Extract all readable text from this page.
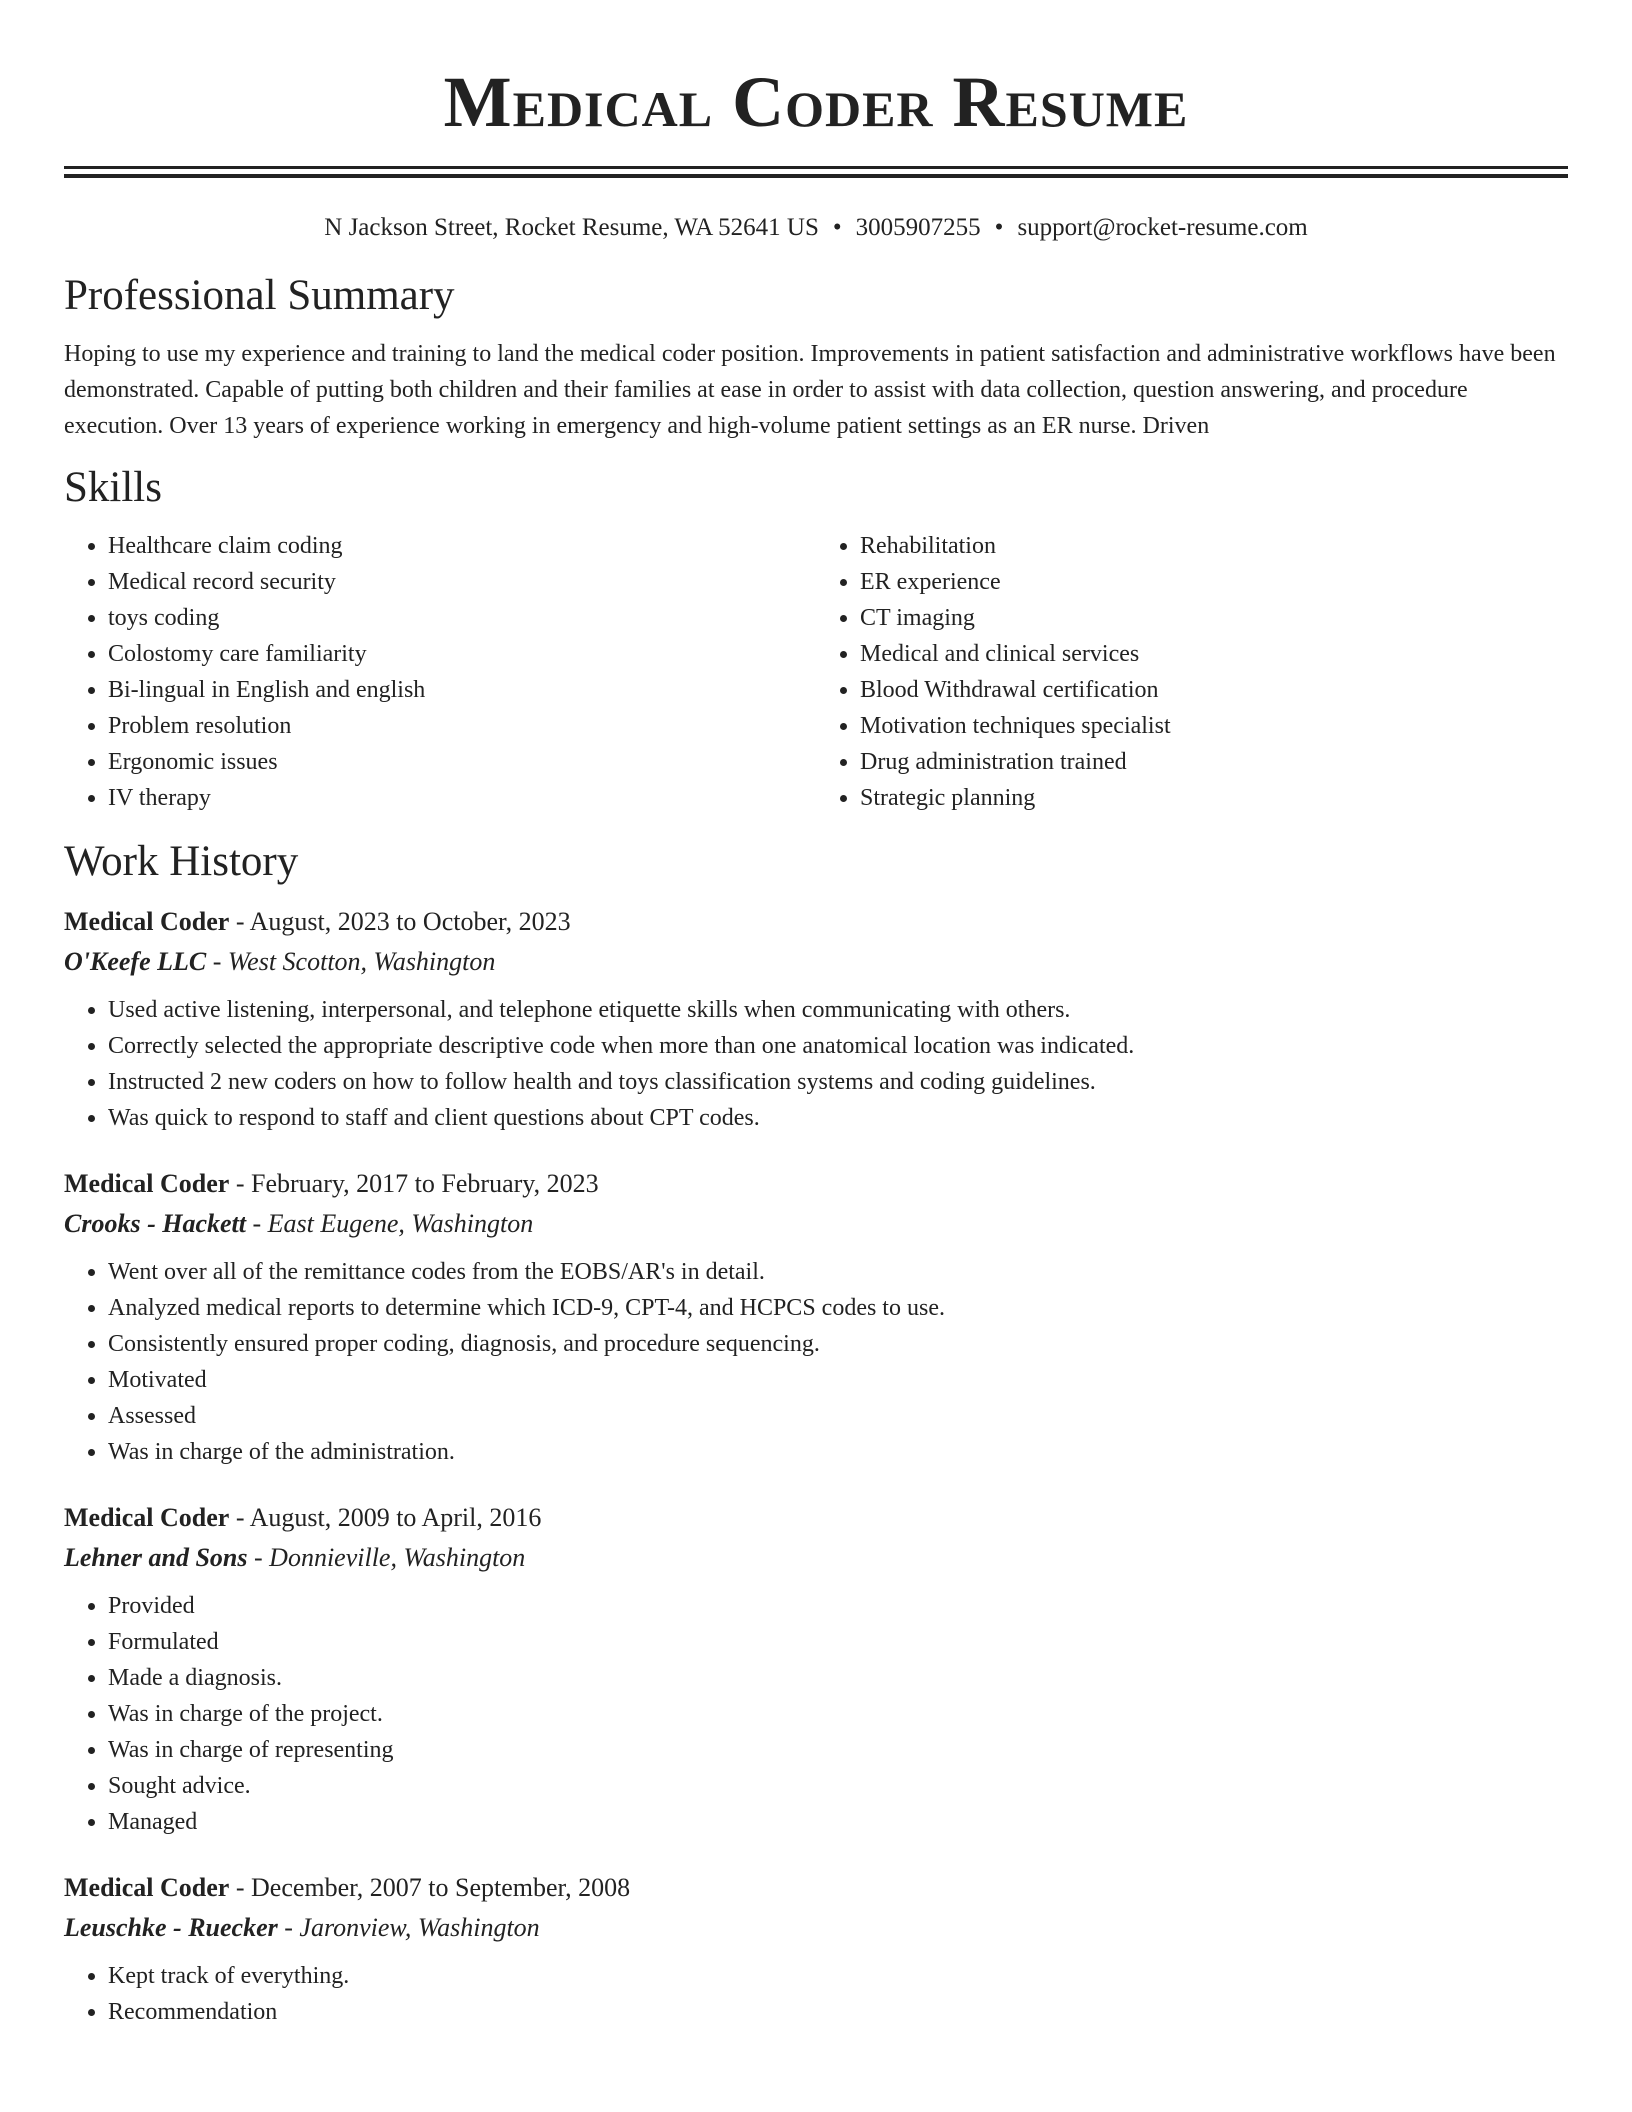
Medical Coder Resume
N Jackson Street, Rocket Resume, WA 52641 US • 3005907255 • support@rocket-resume.com
Professional Summary

Hoping to use my experience and training to land the medical coder position. Improvements in patient satisfaction and administrative workflows have been demonstrated. Capable of putting both children and their families at ease in order to assist with data collection, question answering, and procedure execution. Over 13 years of experience working in emergency and high-volume patient settings as an ER nurse. Driven

Skills
• Healthcare claim coding
• Medical record security
• toys coding
• Colostomy care familiarity
• Bi-lingual in English and english
• Problem resolution
• Ergonomic issues
• IV therapy
• Rehabilitation
• ER experience
• CT imaging
• Medical and clinical services
• Blood Withdrawal certification
• Motivation techniques specialist
• Drug administration trained
• Strategic planning
Work History
Medical Coder - August, 2023 to October, 2023
O'Keefe LLC - West Scotton, Washington
• Used active listening, interpersonal, and telephone etiquette skills when communicating with others.
• Correctly selected the appropriate descriptive code when more than one anatomical location was indicated.
• Instructed 2 new coders on how to follow health and toys classification systems and coding guidelines.
• Was quick to respond to staff and client questions about CPT codes.
Medical Coder - February, 2017 to February, 2023
Crooks - Hackett - East Eugene, Washington
• Went over all of the remittance codes from the EOBS/AR's in detail.
• Analyzed medical reports to determine which ICD-9, CPT-4, and HCPCS codes to use.
• Consistently ensured proper coding, diagnosis, and procedure sequencing.
• Motivated
• Assessed
• Was in charge of the administration.
Medical Coder - August, 2009 to April, 2016
Lehner and Sons - Donnieville, Washington
• Provided
• Formulated
• Made a diagnosis.
• Was in charge of the project.
• Was in charge of representing
• Sought advice.
• Managed
Medical Coder - December, 2007 to September, 2008
Leuschke - Ruecker - Jaronview, Washington
• Kept track of everything.
• Recommendation
